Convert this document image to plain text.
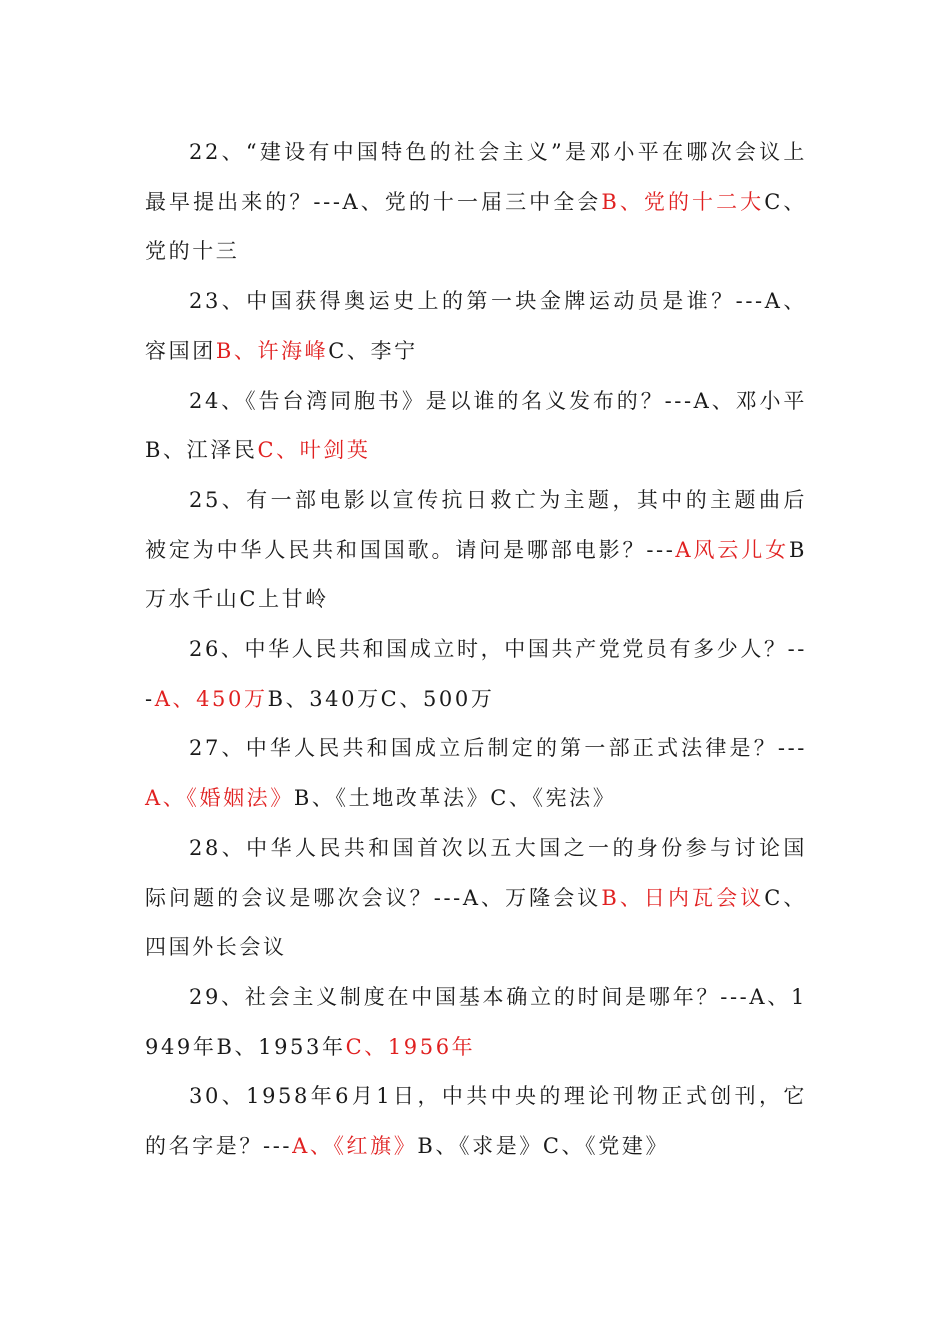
22、“建设有中国特色的社会主义”是邓小平在哪次会议上最早提出来的？---A、党的十一届三中全会B、党的十二大C、党的十三

23、中国获得奥运史上的第一块金牌运动员是谁？---A、容国团B、许海峰C、李宁

24、《告台湾同胞书》是以谁的名义发布的？---A、邓小平B、江泽民C、叶剑英

25、有一部电影以宣传抗日救亡为主题，其中的主题曲后被定为中华人民共和国国歌。请问是哪部电影？---A风云儿女B万水千山C上甘岭

26、中华人民共和国成立时，中国共产党党员有多少人？---A、450万B、340万C、500万

27、中华人民共和国成立后制定的第一部正式法律是？---A、《婚姻法》B、《土地改革法》C、《宪法》

28、中华人民共和国首次以五大国之一的身份参与讨论国际问题的会议是哪次会议？---A、万隆会议B、日内瓦会议C、四国外长会议

29、社会主义制度在中国基本确立的时间是哪年？---A、1949年B、1953年C、1956年

30、1958年6月1日，中共中央的理论刊物正式创刊，它的名字是？---A、《红旗》B、《求是》C、《党建》
